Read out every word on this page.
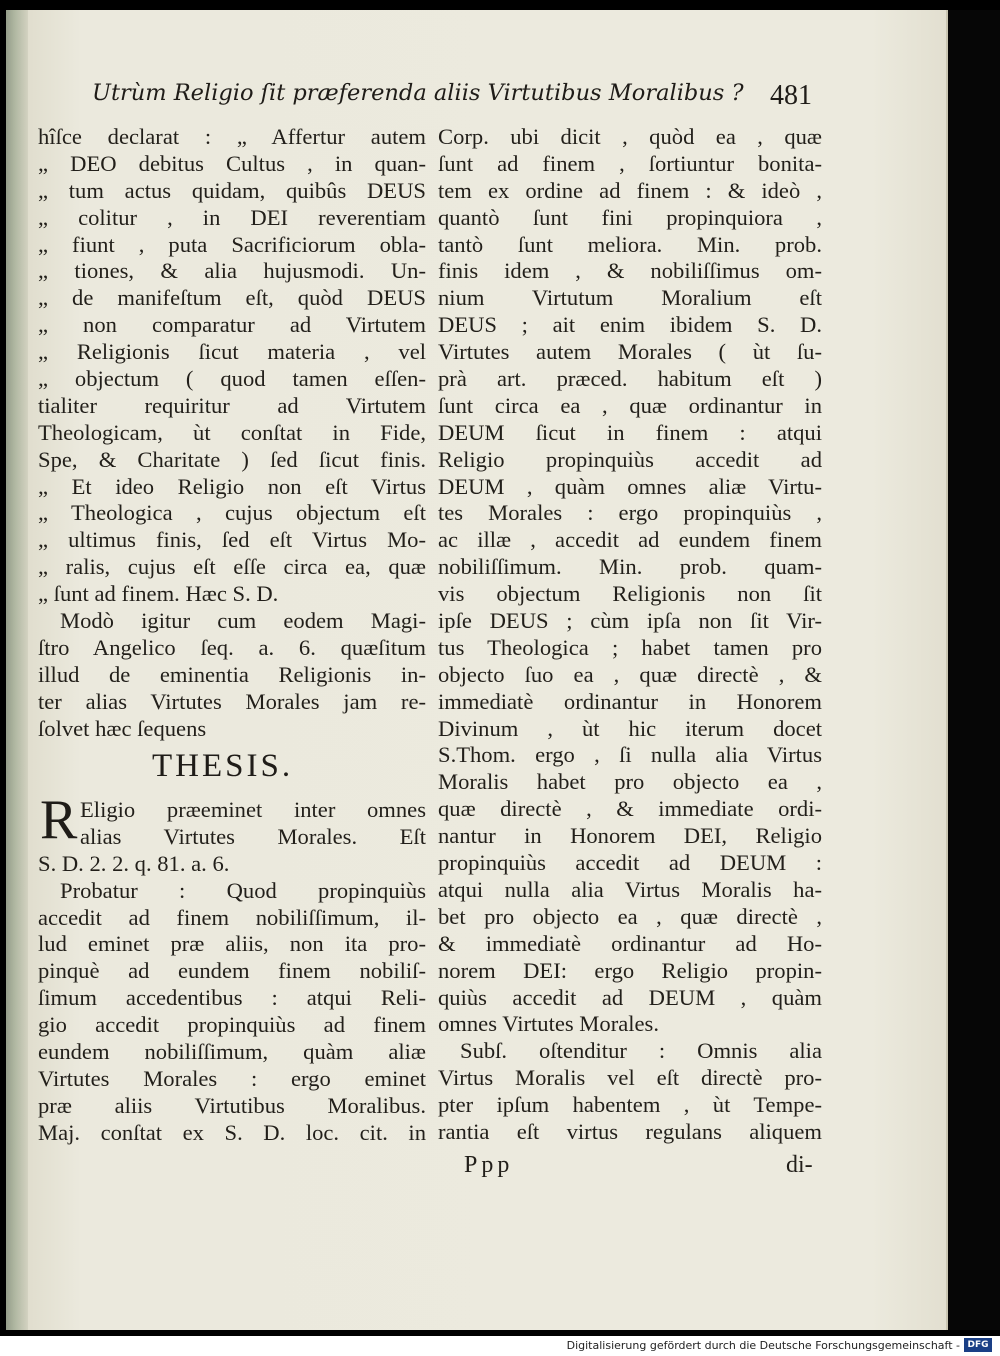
Utrùm Religio ſit præferenda aliis Virtutibus Moralibus ? 481
hîſce declarat : „ Affertur autem
„ DEO debitus Cultus , in quan-
„ tum actus quidam, quibûs DEUS
„ colitur , in DEI reverentiam
„ fiunt , puta Sacrificiorum obla-
„ tiones, & alia hujusmodi. Un-
„ de manifeſtum eſt, quòd DEUS
„ non comparatur ad Virtutem
„ Religionis ſicut materia , vel
„ objectum ( quod tamen eſſen-
tialiter requiritur ad Virtutem
Theologicam, ùt conſtat in Fide,
Spe, & Charitate ) ſed ſicut finis.
„ Et ideo Religio non eſt Virtus
„ Theologica , cujus objectum eſt
„ ultimus finis, ſed eſt Virtus Mo-
„ ralis, cujus eſt eſſe circa ea, quæ
„ ſunt ad finem. Hæc S. D.
Modò igitur cum eodem Magi-
ſtro Angelico ſeq. a. 6. quæſitum
illud de eminentia Religionis in-
ter alias Virtutes Morales jam re-
ſolvet hæc ſequens
THESIS.
R Eligio præeminet inter omnes
alias Virtutes Morales. Eſt
S. D. 2. 2. q. 81. a. 6.
Probatur : Quod propinquiùs
accedit ad finem nobiliſſimum, il-
lud eminet præ aliis, non ita pro-
pinquè ad eundem finem nobiliſ-
ſimum accedentibus : atqui Reli-
gio accedit propinquiùs ad finem
eundem nobiliſſimum, quàm aliæ
Virtutes Morales : ergo eminet
præ aliis Virtutibus Moralibus.
Maj. conſtat ex S. D. loc. cit. in
Corp. ubi dicit , quòd ea , quæ
ſunt ad finem , ſortiuntur bonita-
tem ex ordine ad finem : & ideò ,
quantò ſunt fini propinquiora ,
tantò ſunt meliora. Min. prob.
finis idem , & nobiliſſimus om-
nium Virtutum Moralium eſt
DEUS ; ait enim ibidem S. D.
Virtutes autem Morales ( ùt ſu-
prà art. præced. habitum eſt )
ſunt circa ea , quæ ordinantur in
DEUM ſicut in finem : atqui
Religio propinquiùs accedit ad
DEUM , quàm omnes aliæ Virtu-
tes Morales : ergo propinquiùs ,
ac illæ , accedit ad eundem finem
nobiliſſimum. Min. prob. quam-
vis objectum Religionis non ſit
ipſe DEUS ; cùm ipſa non ſit Vir-
tus Theologica ; habet tamen pro
objecto ſuo ea , quæ directè , &
immediatè ordinantur in Honorem
Divinum , ùt hic iterum docet
S.Thom. ergo , ſi nulla alia Virtus
Moralis habet pro objecto ea ,
quæ directè , & immediate ordi-
nantur in Honorem DEI, Religio
propinquiùs accedit ad DEUM :
atqui nulla alia Virtus Moralis ha-
bet pro objecto ea , quæ directè ,
& immediatè ordinantur ad Ho-
norem DEI: ergo Religio propin-
quiùs accedit ad DEUM , quàm
omnes Virtutes Morales.
Subſ. oſtenditur : Omnis alia
Virtus Moralis vel eſt directè pro-
pter ipſum habentem , ùt Tempe-
rantia eſt virtus regulans aliquem
Ppp	di-
Digitalisierung gefördert durch die Deutsche Forschungsgemeinschaft - DFG
